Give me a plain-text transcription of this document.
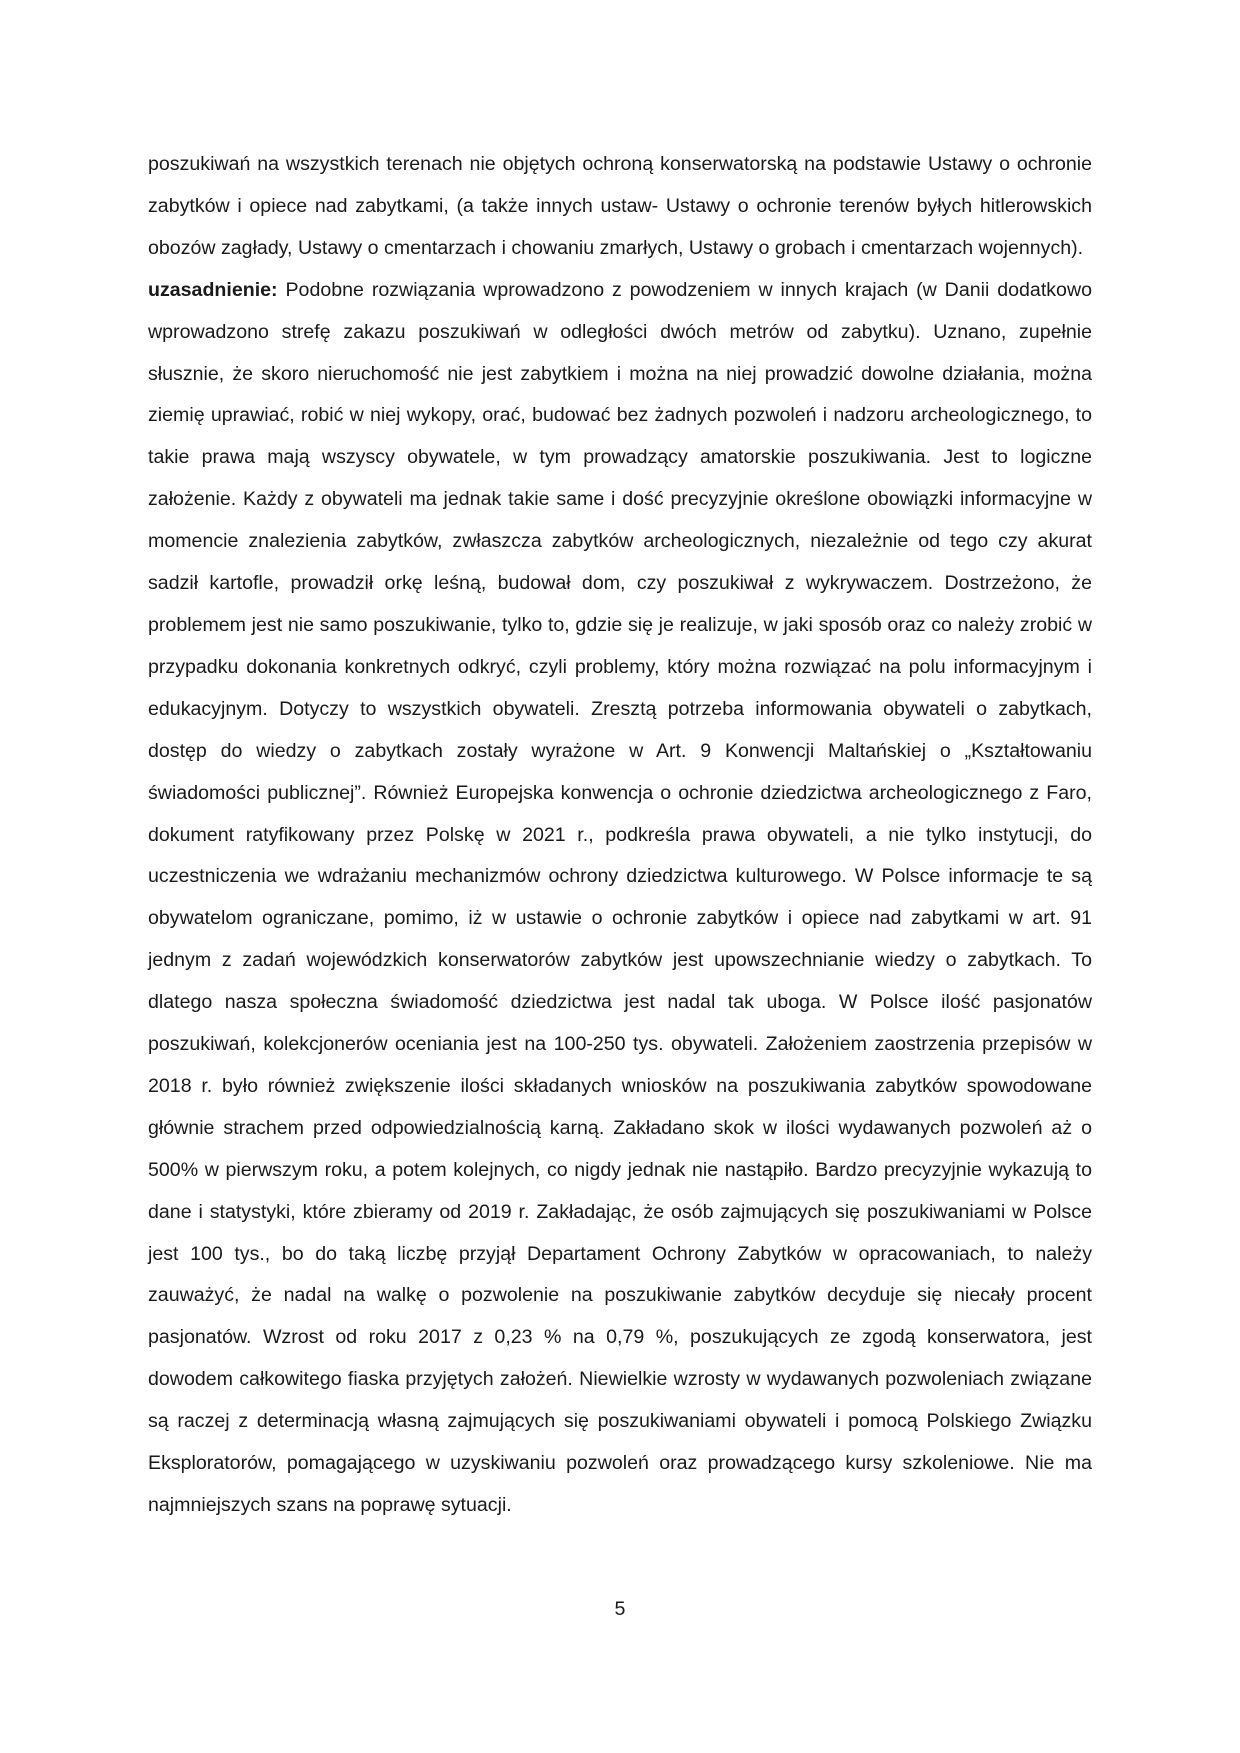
poszukiwań na wszystkich terenach nie objętych ochroną konserwatorską na podstawie Ustawy o ochronie zabytków i opiece nad zabytkami, (a także innych ustaw- Ustawy o ochronie terenów byłych hitlerowskich obozów zagłady, Ustawy o cmentarzach i chowaniu zmarłych, Ustawy o grobach i cmentarzach wojennych).

uzasadnienie: Podobne rozwiązania wprowadzono z powodzeniem w innych krajach (w Danii dodatkowo wprowadzono strefę zakazu poszukiwań w odległości dwóch metrów od zabytku). Uznano, zupełnie słusznie, że skoro nieruchomość nie jest zabytkiem i można na niej prowadzić dowolne działania, można ziemię uprawiać, robić w niej wykopy, orać, budować bez żadnych pozwoleń i nadzoru archeologicznego, to takie prawa mają wszyscy obywatele, w tym prowadzący amatorskie poszukiwania. Jest to logiczne założenie. Każdy z obywateli ma jednak takie same i dość precyzyjnie określone obowiązki informacyjne w momencie znalezienia zabytków, zwłaszcza zabytków archeologicznych, niezależnie od tego czy akurat sadził kartofle, prowadził orkę leśną, budował dom, czy poszukiwał z wykrywaczem. Dostrzeżono, że problemem jest nie samo poszukiwanie, tylko to, gdzie się je realizuje, w jaki sposób oraz co należy zrobić w przypadku dokonania konkretnych odkryć, czyli problemy, który można rozwiązać na polu informacyjnym i edukacyjnym. Dotyczy to wszystkich obywateli. Zresztą potrzeba informowania obywateli o zabytkach, dostęp do wiedzy o zabytkach zostały wyrażone w Art. 9 Konwencji Maltańskiej o „Kształtowaniu świadomości publicznej”. Również Europejska konwencja o ochronie dziedzictwa archeologicznego z Faro, dokument ratyfikowany przez Polskę w 2021 r., podkreśla prawa obywateli, a nie tylko instytucji, do uczestniczenia we wdrażaniu mechanizmów ochrony dziedzictwa kulturowego. W Polsce informacje te są obywatelom ograniczane, pomimo, iż w ustawie o ochronie zabytków i opiece nad zabytkami w art. 91 jednym z zadań wojewódzkich konserwatorów zabytków jest upowszechnianie wiedzy o zabytkach. To dlatego nasza społeczna świadomość dziedzictwa jest nadal tak uboga. W Polsce ilość pasjonatów poszukiwań, kolekcjonerów oceniania jest na 100-250 tys. obywateli. Założeniem zaostrzenia przepisów w 2018 r. było również zwiększenie ilości składanych wniosków na poszukiwania zabytków spowodowane głównie strachem przed odpowiedzialnością karną. Zakładano skok w ilości wydawanych pozwoleń aż o 500% w pierwszym roku, a potem kolejnych, co nigdy jednak nie nastąpiło. Bardzo precyzyjnie wykazują to dane i statystyki, które zbieramy od 2019 r. Zakładając, że osób zajmujących się poszukiwaniami w Polsce jest 100 tys., bo do taką liczbę przyjął Departament Ochrony Zabytków w opracowaniach, to należy zauważyć, że nadal na walkę o pozwolenie na poszukiwanie zabytków decyduje się niecały procent pasjonatów. Wzrost od roku 2017 z 0,23 % na 0,79 %, poszukujących ze zgodą konserwatora, jest dowodem całkowitego fiaska przyjętych założeń. Niewielkie wzrosty w wydawanych pozwoleniach związane są raczej z determinacją własną zajmujących się poszukiwaniami obywateli i pomocą Polskiego Związku Eksploratorów, pomagającego w uzyskiwaniu pozwoleń oraz prowadzącego kursy szkoleniowe. Nie ma najmniejszych szans na poprawę sytuacji.

5
